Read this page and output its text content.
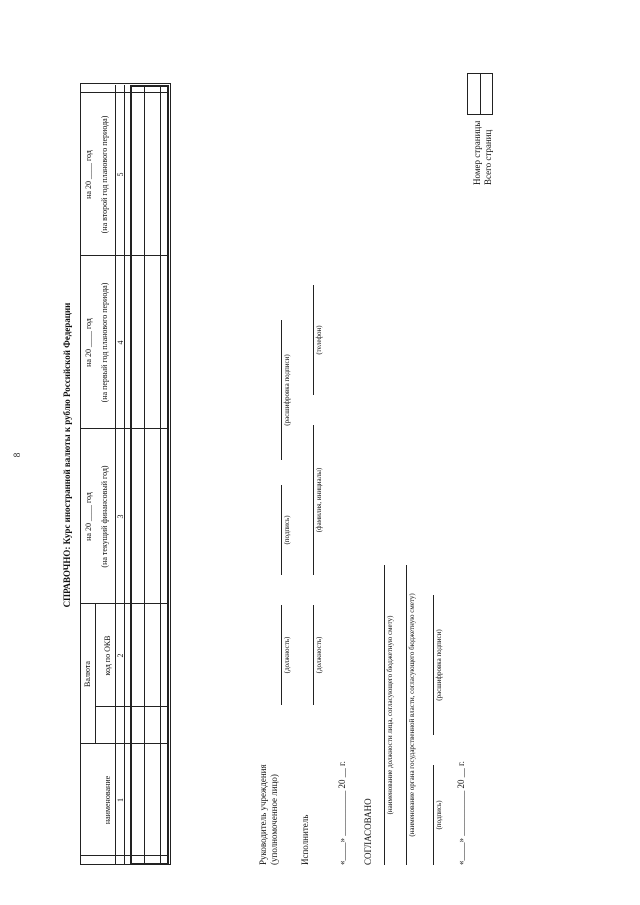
8	СПРАВОЧНО: Курс иностранной валюты к рублю Российской Федерации
Валюта
наименование
код по ОКВ
на 20 ____ год (на текущий финансовый год)
на 20 ____ год (на первый год планового периода)
на 20 ____ год (на второй год планового периода)
1
2
3
4
5
Руководитель учреждения (уполномоченное лицо)
(должность)
(подпись)
(расшифровка подписи)
Исполнитель
(должность)
(фамилия, инициалы)
(телефон)
«____» __________ 20 __ г. СОГЛАСОВАНО
(наименование должности лица, согласующего бюджетную смету) (наименование органа государственной власти, согласующего бюджетную смету)	(подпись)
(расшифровка подписи)
«____» __________ 20 __ г.
Номер страницы Всего страниц
